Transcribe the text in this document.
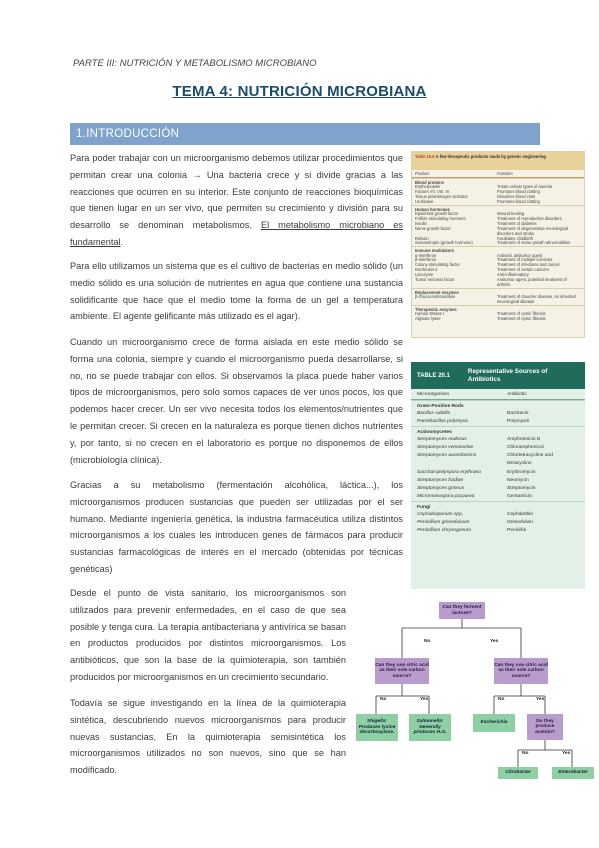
PARTE III: NUTRICIÓN Y METABOLISMO MICROBIANO
TEMA 4: NUTRICIÓN MICROBIANA
1.INTRODUCCIÓN

Para poder trabajar con un microorganismo debemos utilizar procedimientos que permitan crear una colonia → Una bacteria crece y si divide gracias a las reacciones que ocurren en su interior. Este conjunto de reacciones bioquímicas que tienen lugar en un ser vivo, que permiten su crecimiento y división para su desarrollo se denominan metabolismos. El metabolismo microbiano es fundamental.

Para ello utilizamos un sistema que es el cultivo de bacterias en medio sólido (un medio sólido es una solución de nutrientes en agua que contiene una sustancia solidificante que hace que el medio tome la forma de un gel a temperatura ambiente. El agente gelificante más utilizado es el agar).

Cuando un microorganismo crece de forma aislada en este medio sólido se forma una colonia, siempre y cuando el microorganismo pueda desarrollarse, si no, no se puede trabajar con ellos. Si observamos la placa puede haber varios tipos de microorganismos, pero solo somos capaces de ver unos pocos, los que podemos hacer crecer. Un ser vivo necesita todos los elementos/nutrientes que le permitan crecer. Si crecen en la naturaleza es porque tienen dichos nutrientes y, por tanto, si no crecen en el laboratorio es porque no disponemos de ellos (microbiología clínica).

Gracias a su metabolismo (fermentación alcohólica, láctica...), los microorganismos producen sustancias que pueden ser utilizadas por el ser humano. Mediante ingeniería genética, la industria farmacéutica utiliza distintos microorganismos a los cuales les introducen genes de fármacos para producir sustancias farmacológicas de interés en el mercado (obtenidas por técnicas genéticas)

Desde el punto de vista sanitario, los microorganismos son utilizados para prevenir enfermedades, en el caso de que sea posible y tenga cura. La terapia antibacteriana y antivírica se basan en productos producidos por distintos microorganismos. Los antibióticos, que son la base de la quimioterapia, son también producidos por microorganismos en un crecimiento secundario.

Todavía se sigue investigando en la línea de la quimioterapia sintética, descubriendo nuevos microorganismos para producir nuevas sustancias. En la quimioterapia semisintética los microorganismos utilizados no son nuevos, sino que se han modificado.

Table 15.6 A few therapeutic products made by genetic engineering
Product	Function
Blood proteins
Erythropoietin	Treats certain types of anemia
Factors VII, VIII, IX	Promotes blood clotting
Tissue plasminogen activator	Dissolves blood clots
Urokinase	Promotes blood clotting
Human hormones
Epidermal growth factor	Wound healing
Follicle stimulating hormone	Treatment of reproductive disorders
Insulin	Treatment of diabetes
Nerve growth factor	Treatment of degenerative neurological disorders and stroke
Relaxin	Facilitates childbirth
Somatotropin (growth hormone)	Treatment of some growth abnormalities
Immune modulators
α-Interferon	Antiviral, antitumor agent
β-Interferon	Treatment of multiple sclerosis
Colony stimulating factor	Treatment of infections and cancer
Interleukin-2	Treatment of certain cancers
Lysozyme	Anti-inflammatory
Tumor necrosis factor	Antitumor agent, potential treatment of arthritis
Replacement enzymes
β-Glucocerebrosidase	Treatment of Gaucher disease, an inherited neurological disease
Therapeutic enzymes
Human DNase I	Treatment of cystic fibrosis
Alginate lyase	Treatment of cystic fibrosis
TABLE 20.1
Representative Sources of Antibiotics
Microorganism	Antibiotic
Gram-Positive Rods
Bacillus subtilis	Bacitracin
Paenibacillus polymyxa	Polymyxin
Actinomycetes
Streptomyces nodosus	Amphotericin B
Streptomyces venezuelae	Chloramphenicol
Streptomyces aureofaciens	Chlortetracycline and tetracycline
Saccharopolyspora erythraea	Erythromycin
Streptomyces fradiae	Neomycin
Streptomyces griseus	Streptomycin
Micromonospora purpurea	Gentamicin
Fungi
Cephalosporium spp.	Cephalothin
Penicillium griseofulvum	Griseofulvin
Penicillium chrysogenum	Penicillin
Can they ferment lactose?
Can they use citric acid as their sole carbon source?
Can they use citric acid as their sole carbon source?
Do they produce acetoin?
Shigella: Produces lysine decarboxylase.
Salmonella: Generally produces H₂S.
Escherichia
Citrobacter	Enterobacter
No	Yes
No	Yes	No	Yes
No	Yes
